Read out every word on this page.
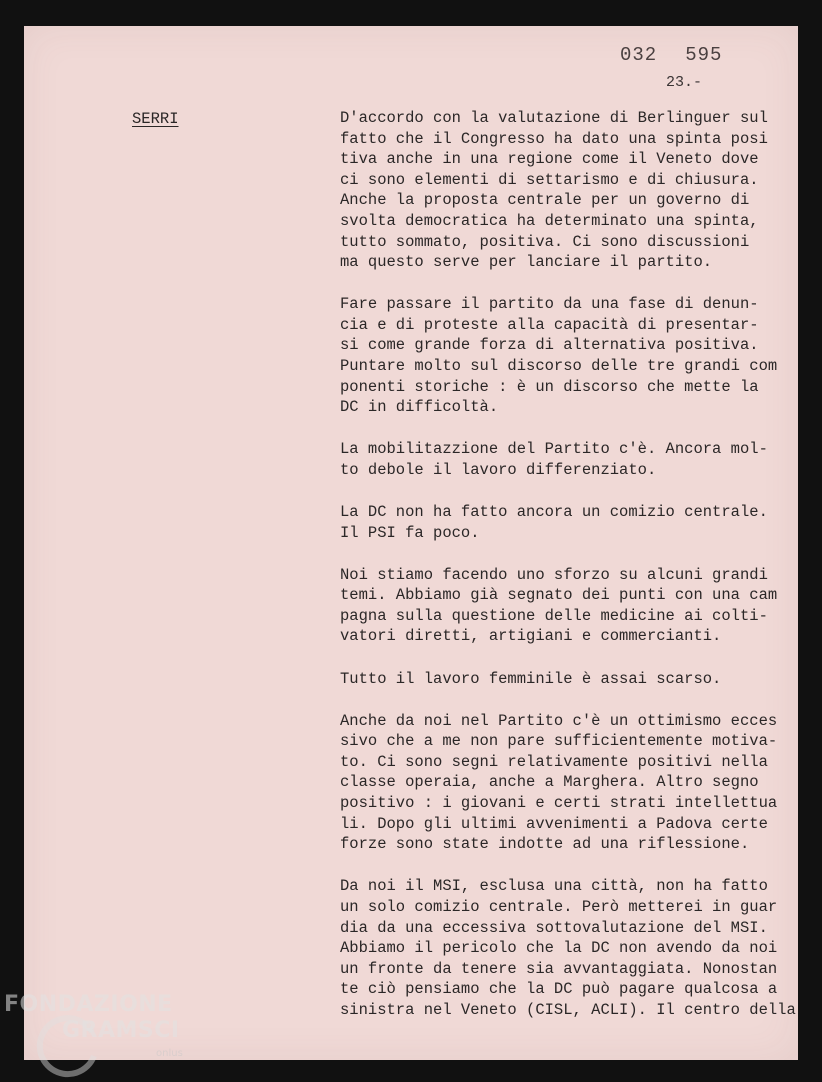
032 595
23.-
SERRI	D'accordo con la valutazione di Berlinguer sul
fatto che il Congresso ha dato una spinta posi
tiva anche in una regione come il Veneto dove
ci sono elementi di settarismo e di chiusura.
Anche la proposta centrale per un governo di
svolta democratica ha determinato una spinta,
tutto sommato, positiva. Ci sono discussioni
ma questo serve per lanciare il partito.
Fare passare il partito da una fase di denun-
cia e di proteste alla capacità di presentar-
si come grande forza di alternativa positiva.
Puntare molto sul discorso delle tre grandi com
ponenti storiche : è un discorso che mette la
DC in difficoltà.
La mobilitazzione del Partito c'è. Ancora mol-
to debole il lavoro differenziato.
La DC non ha fatto ancora un comizio centrale.
Il PSI fa poco.
Noi stiamo facendo uno sforzo su alcuni grandi
temi. Abbiamo già segnato dei punti con una cam
pagna sulla questione delle medicine ai colti-
vatori diretti, artigiani e commercianti.
Tutto il lavoro femminile è assai scarso.
Anche da noi nel Partito c'è un ottimismo ecces
sivo che a me non pare sufficientemente motiva-
to. Ci sono segni relativamente positivi nella
classe operaia, anche a Marghera. Altro segno
positivo : i giovani e certi strati intellettua
li. Dopo gli ultimi avvenimenti a Padova certe
forze sono state indotte ad una riflessione.
Da noi il MSI, esclusa una città, non ha fatto
un solo comizio centrale. Però metterei in guar
dia da una eccessiva sottovalutazione del MSI.
Abbiamo il pericolo che la DC non avendo da noi
un fronte da tenere sia avvantaggiata. Nonostan
te ciò pensiamo che la DC può pagare qualcosa a
sinistra nel Veneto (CISL, ACLI). Il centro della
FONDAZIONE
GRAMSCI
onlus
